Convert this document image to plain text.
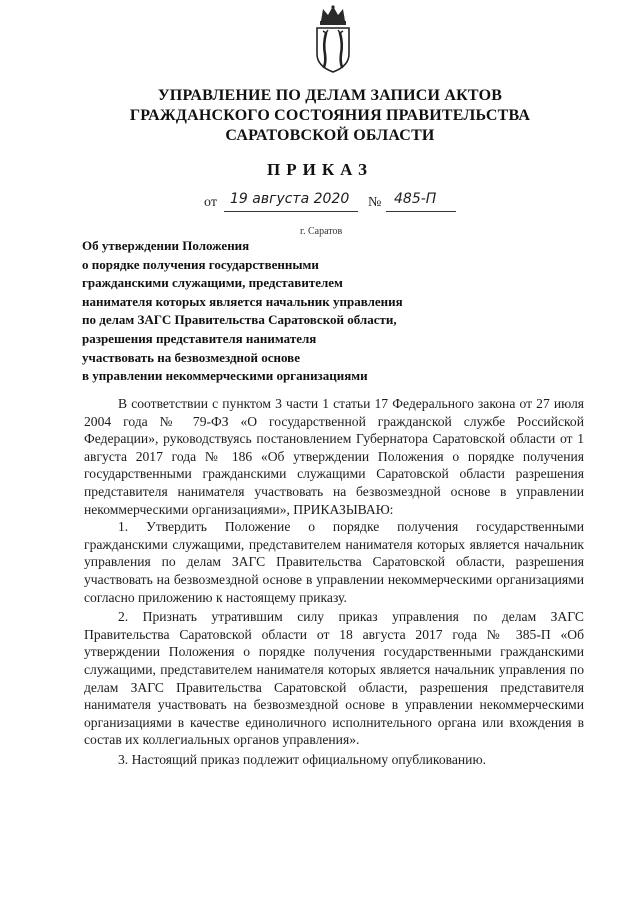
УПРАВЛЕНИЕ ПО ДЕЛАМ ЗАПИСИ АКТОВ
ГРАЖДАНСКОГО СОСТОЯНИЯ ПРАВИТЕЛЬСТВА
САРАТОВСКОЙ ОБЛАСТИ
ПРИКАЗ
от 19 августа 2020 № 485-П
г. Саратов
Об утверждении Положения
о порядке получения государственными
гражданскими служащими, представителем
нанимателя которых является начальник управления
по делам ЗАГС Правительства Саратовской области,
разрешения представителя нанимателя
участвовать на безвозмездной основе
в управлении некоммерческими организациями

В соответствии с пунктом 3 части 1 статьи 17 Федерального закона от 27 июля 2004 года № 79-ФЗ «О государственной гражданской службе Российской Федерации», руководствуясь постановлением Губернатора Саратовской области от 1 августа 2017 года № 186 «Об утверждении Положения о порядке получения государственными гражданскими служащими Саратовской области разрешения представителя нанимателя участвовать на безвозмездной основе в управлении некоммерческими организациями», ПРИКАЗЫВАЮ:

1. Утвердить Положение о порядке получения государственными гражданскими служащими, представителем нанимателя которых является начальник управления по делам ЗАГС Правительства Саратовской области, разрешения участвовать на безвозмездной основе в управлении некоммерческими организациями согласно приложению к настоящему приказу.

2. Признать утратившим силу приказ управления по делам ЗАГС Правительства Саратовской области от 18 августа 2017 года № 385-П «Об утверждении Положения о порядке получения государственными гражданскими служащими, представителем нанимателя которых является начальник управления по делам ЗАГС Правительства Саратовской области, разрешения представителя нанимателя участвовать на безвозмездной основе в управлении некоммерческими организациями в качестве единоличного исполнительного органа или вхождения в состав их коллегиальных органов управления».

3. Настоящий приказ подлежит официальному опубликованию.
